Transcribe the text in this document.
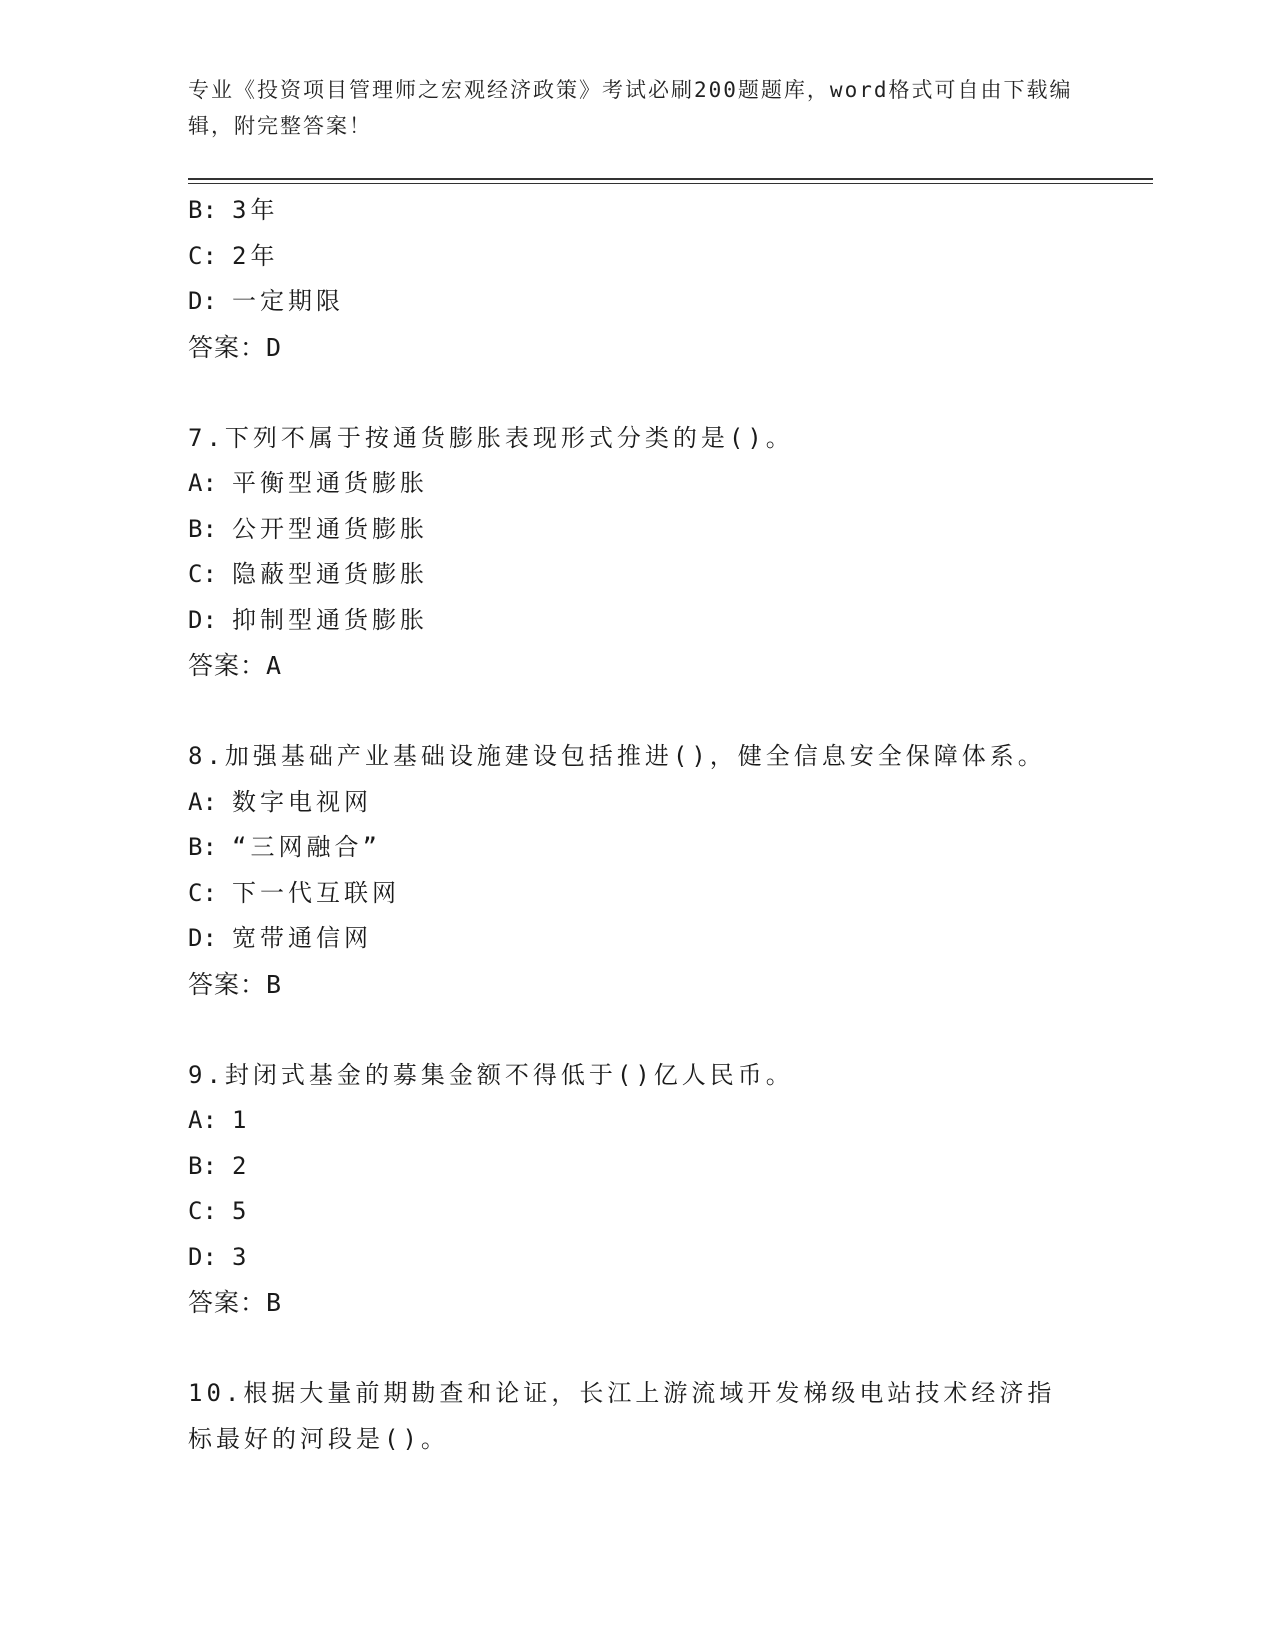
专业《投资项目管理师之宏观经济政策》考试必刷200题题库，word格式可自由下载编辑，附完整答案！
B: 3年
C: 2年
D: 一定期限
答案：D
7.下列不属于按通货膨胀表现形式分类的是()。
A: 平衡型通货膨胀
B: 公开型通货膨胀
C: 隐蔽型通货膨胀
D: 抑制型通货膨胀
答案：A
8.加强基础产业基础设施建设包括推进()，健全信息安全保障体系。
A: 数字电视网
B: “三网融合”
C: 下一代互联网
D: 宽带通信网
答案：B
9.封闭式基金的募集金额不得低于()亿人民币。
A: 1
B: 2
C: 5
D: 3
答案：B
10.根据大量前期勘查和论证，长江上游流域开发梯级电站技术经济指标最好的河段是()。
